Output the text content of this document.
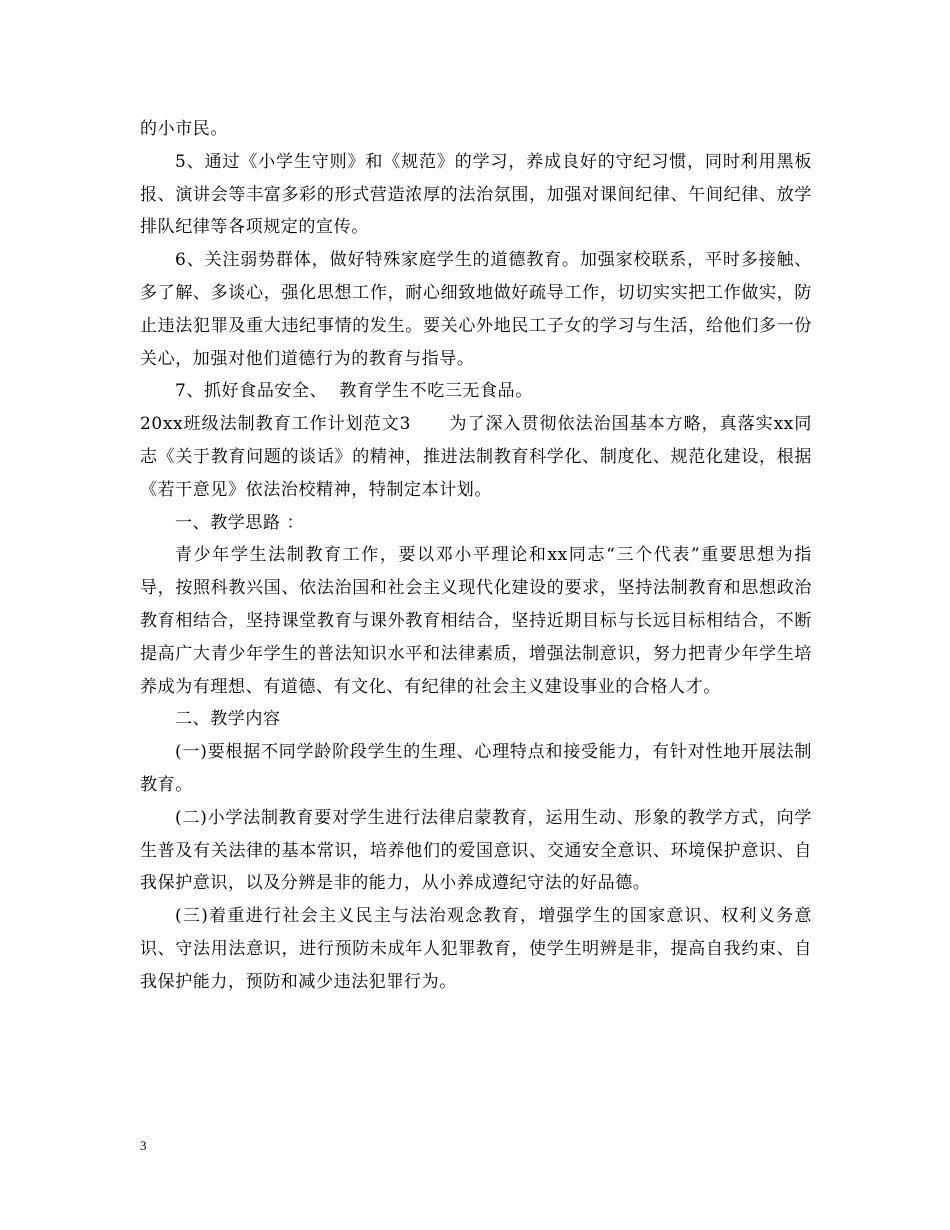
的小市民。

5、通过《小学生守则》和《规范》的学习，养成良好的守纪习惯，同时利用黑板报、演讲会等丰富多彩的形式营造浓厚的法治氛围，加强对课间纪律、午间纪律、放学排队纪律等各项规定的宣传。

6、关注弱势群体，做好特殊家庭学生的道德教育。加强家校联系，平时多接触、多了解、多谈心，强化思想工作，耐心细致地做好疏导工作，切切实实把工作做实，防止违法犯罪及重大违纪事情的发生。要关心外地民工子女的学习与生活，给他们多一份关心，加强对他们道德行为的教育与指导。

7、抓好食品安全、  教育学生不吃三无食品。

20xx班级法制教育工作计划范文3      为了深入贯彻依法治国基本方略，真落实xx同志《关于教育问题的谈话》的精神，推进法制教育科学化、制度化、规范化建设，根据《若干意见》依法治校精神，特制定本计划。

一、教学思路 ：

青少年学生法制教育工作，要以邓小平理论和xx同志“三个代表”重要思想为指导，按照科教兴国、依法治国和社会主义现代化建设的要求，坚持法制教育和思想政治教育相结合，坚持课堂教育与课外教育相结合，坚持近期目标与长远目标相结合，不断提高广大青少年学生的普法知识水平和法律素质，增强法制意识，努力把青少年学生培养成为有理想、有道德、有文化、有纪律的社会主义建设事业的合格人才。

二、教学内容

(一)要根据不同学龄阶段学生的生理、心理特点和接受能力，有针对性地开展法制教育。

(二)小学法制教育要对学生进行法律启蒙教育，运用生动、形象的教学方式，向学生普及有关法律的基本常识，培养他们的爱国意识、交通安全意识、环境保护意识、自我保护意识，以及分辨是非的能力，从小养成遵纪守法的好品德。

(三)着重进行社会主义民主与法治观念教育，增强学生的国家意识、权利义务意识、守法用法意识，进行预防未成年人犯罪教育，使学生明辨是非，提高自我约束、自我保护能力，预防和减少违法犯罪行为。

3
